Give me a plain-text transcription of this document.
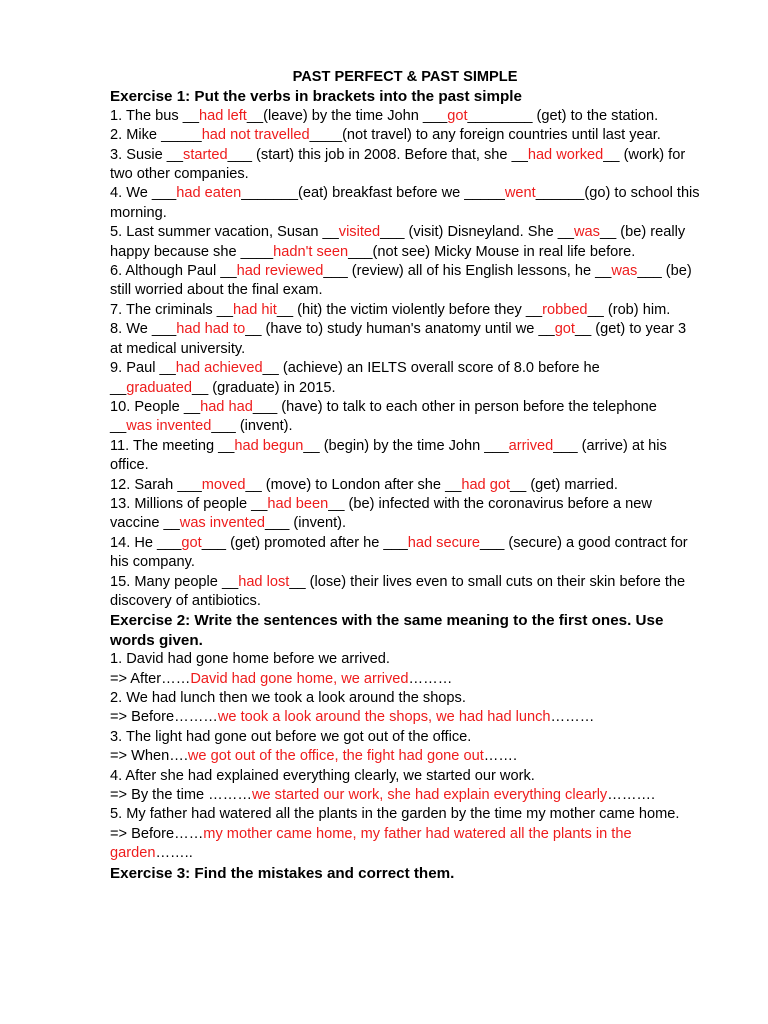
PAST PERFECT & PAST SIMPLE

Exercise 1: Put the verbs in brackets into the past simple

1. The bus __had left__(leave) by the time John ___got________ (get) to the station.

2. Mike _____had not travelled____(not travel) to any foreign countries until last year.

3. Susie __started___ (start) this job in 2008. Before that, she __had worked__ (work) for two other companies.

4. We ___had eaten_______(eat) breakfast before we _____went______(go) to school this morning.

5. Last summer vacation, Susan __visited___ (visit) Disneyland. She __was__ (be) really happy because she ____hadn't seen___(not see) Micky Mouse in real life before.

6. Although Paul __had reviewed___ (review) all of his English lessons, he __was___ (be) still worried about the final exam.

7. The criminals __had hit__ (hit) the victim violently before they __robbed__ (rob) him.

8. We ___had had to__ (have to) study human's anatomy until we __got__ (get) to year 3 at medical university.

9. Paul __had achieved__ (achieve) an IELTS overall score of 8.0 before he __graduated__ (graduate) in 2015.

10. People __had had___ (have) to talk to each other in person before the telephone __was invented___ (invent).

11. The meeting __had begun__ (begin) by the time John ___arrived___ (arrive) at his office.

12. Sarah ___moved__ (move) to London after she __had got__ (get) married.

13. Millions of people __had been__ (be) infected with the coronavirus before a new vaccine __was invented___ (invent).

14. He ___got___ (get) promoted after he ___had secure___ (secure) a good contract for his company.

15. Many people __had lost__ (lose) their lives even to small cuts on their skin before the discovery of antibiotics.

Exercise 2: Write the sentences with the same meaning to the first ones. Use words given.

1. David had gone home before we arrived.

=> After……David had gone home, we arrived………

2. We had lunch then we took a look around the shops.

=> Before………we took a look around the shops, we had had lunch………

3. The light had gone out before we got out of the office.

=> When….we got out of the office, the fight had gone out…….

4. After she had explained everything clearly, we started our work.

=> By the time ………we started our work, she had explain everything clearly……….

5. My father had watered all the plants in the garden by the time my mother came home.

=> Before……my mother came home, my father had watered all the plants in the garden……..

Exercise 3: Find the mistakes and correct them.
